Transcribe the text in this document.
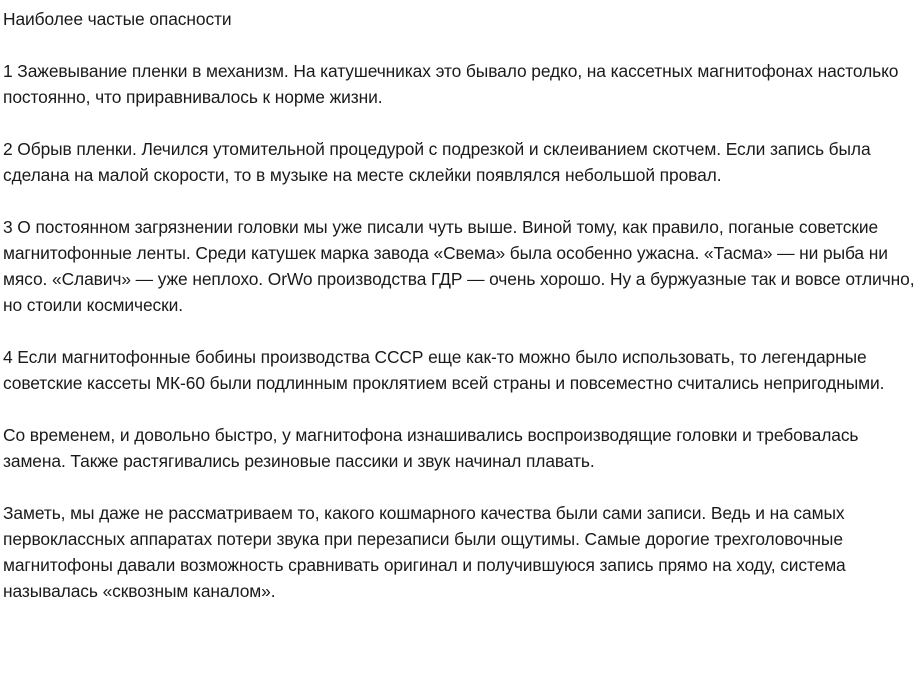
Наиболее частые опасности

1 Зажевывание пленки в механизм. На катушечниках это бывало редко, на кассетных магнитофонах настолько постоянно, что приравнивалось к норме жизни.

2 Обрыв пленки. Лечился утомительной процедурой с подрезкой и склеиванием скотчем. Если запись была сделана на малой скорости, то в музыке на месте склейки появлялся небольшой провал.

3 О постоянном загрязнении головки мы уже писали чуть выше. Виной тому, как правило, поганые советские магнитофонные ленты. Среди катушек марка завода «Свема» была особенно ужасна. «Тасма» — ни рыба ни мясо. «Славич» — уже неплохо. OrWo производства ГДР — очень хорошо. Ну а буржуазные так и вовсе отлично, но стоили космически.

4 Если магнитофонные бобины производства СССР еще как-то можно было использовать, то легендарные советские кассеты МК-60 были подлинным проклятием всей страны и повсеместно считались непригодными.

Со временем, и довольно быстро, у магнитофона изнашивались воспроизводящие головки и требовалась замена. Также растягивались резиновые пассики и звук начинал плавать.

Заметь, мы даже не рассматриваем то, какого кошмарного качества были сами записи. Ведь и на самых первоклассных аппаратах потери звука при перезаписи были ощутимы. Самые дорогие трехголовочные магнитофоны давали возможность сравнивать оригинал и получившуюся запись прямо на ходу, система называлась «сквозным каналом».
